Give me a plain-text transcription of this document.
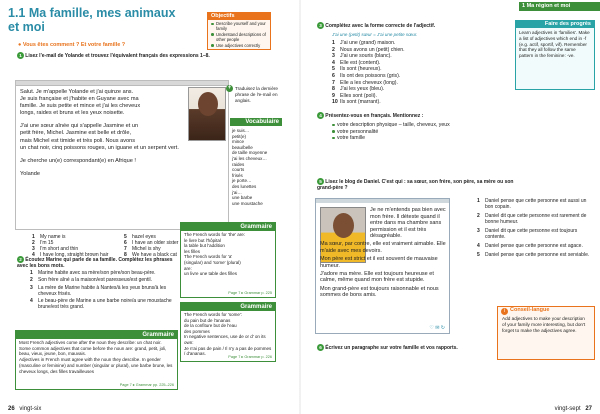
1.1 Ma famille, mes animaux
et moi
● Vous êtes comment ? Et votre famille ?
Objectifs
Describe yourself and your family
Understand descriptions of other people
Use adjectives correctly
1 Lisez l'e-mail de Yolande et trouvez l'équivalent français des expressions 1–8.
Salut. Je m'appelle Yolande et j'ai quinze ans.
Je suis française et j'habite en Guyane avec ma
famille. Je suis petite et mince et j'ai les cheveux
longs, raides et bruns et les yeux noisette.
J'ai une sœur aînée qui s'appelle Jasmine et un
petit frère, Michel. Jasmine est belle et drôle,
mais Michel est timide et très poli. Nous avons
un chat noir, cinq poissons rouges, un iguane et un serpent vert.
Je cherche un(e) correspondant(e) en Afrique !
Yolande
+ Traduisez la dernière phrase de l'e-mail en anglais.
Vocabulaire
je suis…
petit(e)
mince
beau/belle
de taille moyenne
j'ai les cheveux…
raides
courts
frisés
je porte…
des lunettes
j'ai…
une barbe
une moustache
1	My name is
2	I'm 15
3	I'm short and thin
4	I have long, straight brown hair
5	hazel eyes
6	I have an older sister
7	Michel is shy
8	We have a black cat
2 Écoutez Marine qui parle de sa famille. Complétez les phrases avec les bons mots.
1	Marine habite avec sa mère/son père/son beau-père.
2	Son frère aîné a la maison/est paresseux/est gentil.
3	La mère de Marine habite à Nantes/à les yeux bruns/à les cheveux frisés.
4	Le beau-père de Marine a une barbe noire/a une moustache brune/est très grand.
Grammaire
The French words for 'the' are:
le livre but l'hôpital
la table but l'addition
les filles
The French words for 'a'
(singular) and 'some' (plural)
are:
un livre une table des filles
Page 7 ▸ Grammar p. 225
Grammaire
Most French adjectives come after the noun they describe: un chat noir.
Some common adjectives that come before the noun are: grand, petit, joli, beau, vieux, jeune, bon, mauvais.
Adjectives in French must agree with the noun they describe. In gender (masculine or feminine) and number (singular or plural), une barbe brune, les cheveux longs, des filles travailleuses
Page 7 ▸ Grammar pp. 225–226
Grammaire
The French words for 'some':
du pain but de l'ananas
de la confiture but de l'eau
des pommes
In negative sentences, use de or d' on its own:
Je n'ai pas de pain / Il n'y a pas de pommes / d'ananas.
Page 7 ▸ Grammar p. 226
26 vingt-six
1 Ma région et moi
3 Complétez avec la forme correcte de l'adjectif.
J'ai une (petit) sœur = J'ai une petite sœur.
1 J'ai une (grand) maison.
2 Nous avons un (petit) chien.
3 J'ai une souris (blanc).
4 Elle est (content).
5 Ils sont (heureux).
6 Ils ont des poissons (gris).
7 Elle a les cheveux (long).
8 J'ai les yeux (bleu).
9 Elles sont (poli).
10 Ils sont (marrant).
Faire des progrès
Learn adjectives in 'families'. Make a list of adjectives which end in -f (e.g. actif, sportif, vif). Remember that they all follow the same pattern in the feminine: -ve.
4 Présentez-vous en français. Mentionnez :
votre description physique – taille, cheveux, yeux
votre personnalité
votre famille
5 Lisez le blog de Daniel. C'est qui : sa sœur, son frère, son père, sa mère ou son grand-père ?
Je ne m'entends pas bien avec mon frère. Il déteste quand il entre dans ma chambre sans permission et il est très désagréable.
Ma sœur, par contre, elle est vraiment aimable. Elle m'aide avec mes devoirs.
Mon père est strict et il est souvent de mauvaise humeur.
J'adore ma mère. Elle est toujours heureuse et calme, même quand mon frère est stupide.
Mon grand-père est toujours raisonnable et nous sommes de bons amis.
♡ ✉ ↻
1	Daniel pense que cette personne est aussi un bon copain.
2	Daniel dit que cette personne est rarement de bonne humeur.
3	Daniel dit que cette personne est toujours contente.
4	Daniel pense que cette personne est agace.
5	Daniel pense que cette personne est serviable.
i Conseil-langue
Add adjectives to make your description of your family more interesting, but don't forget to make the adjectives agree.
6 Écrivez un paragraphe sur votre famille et vos rapports.
vingt-sept 27
